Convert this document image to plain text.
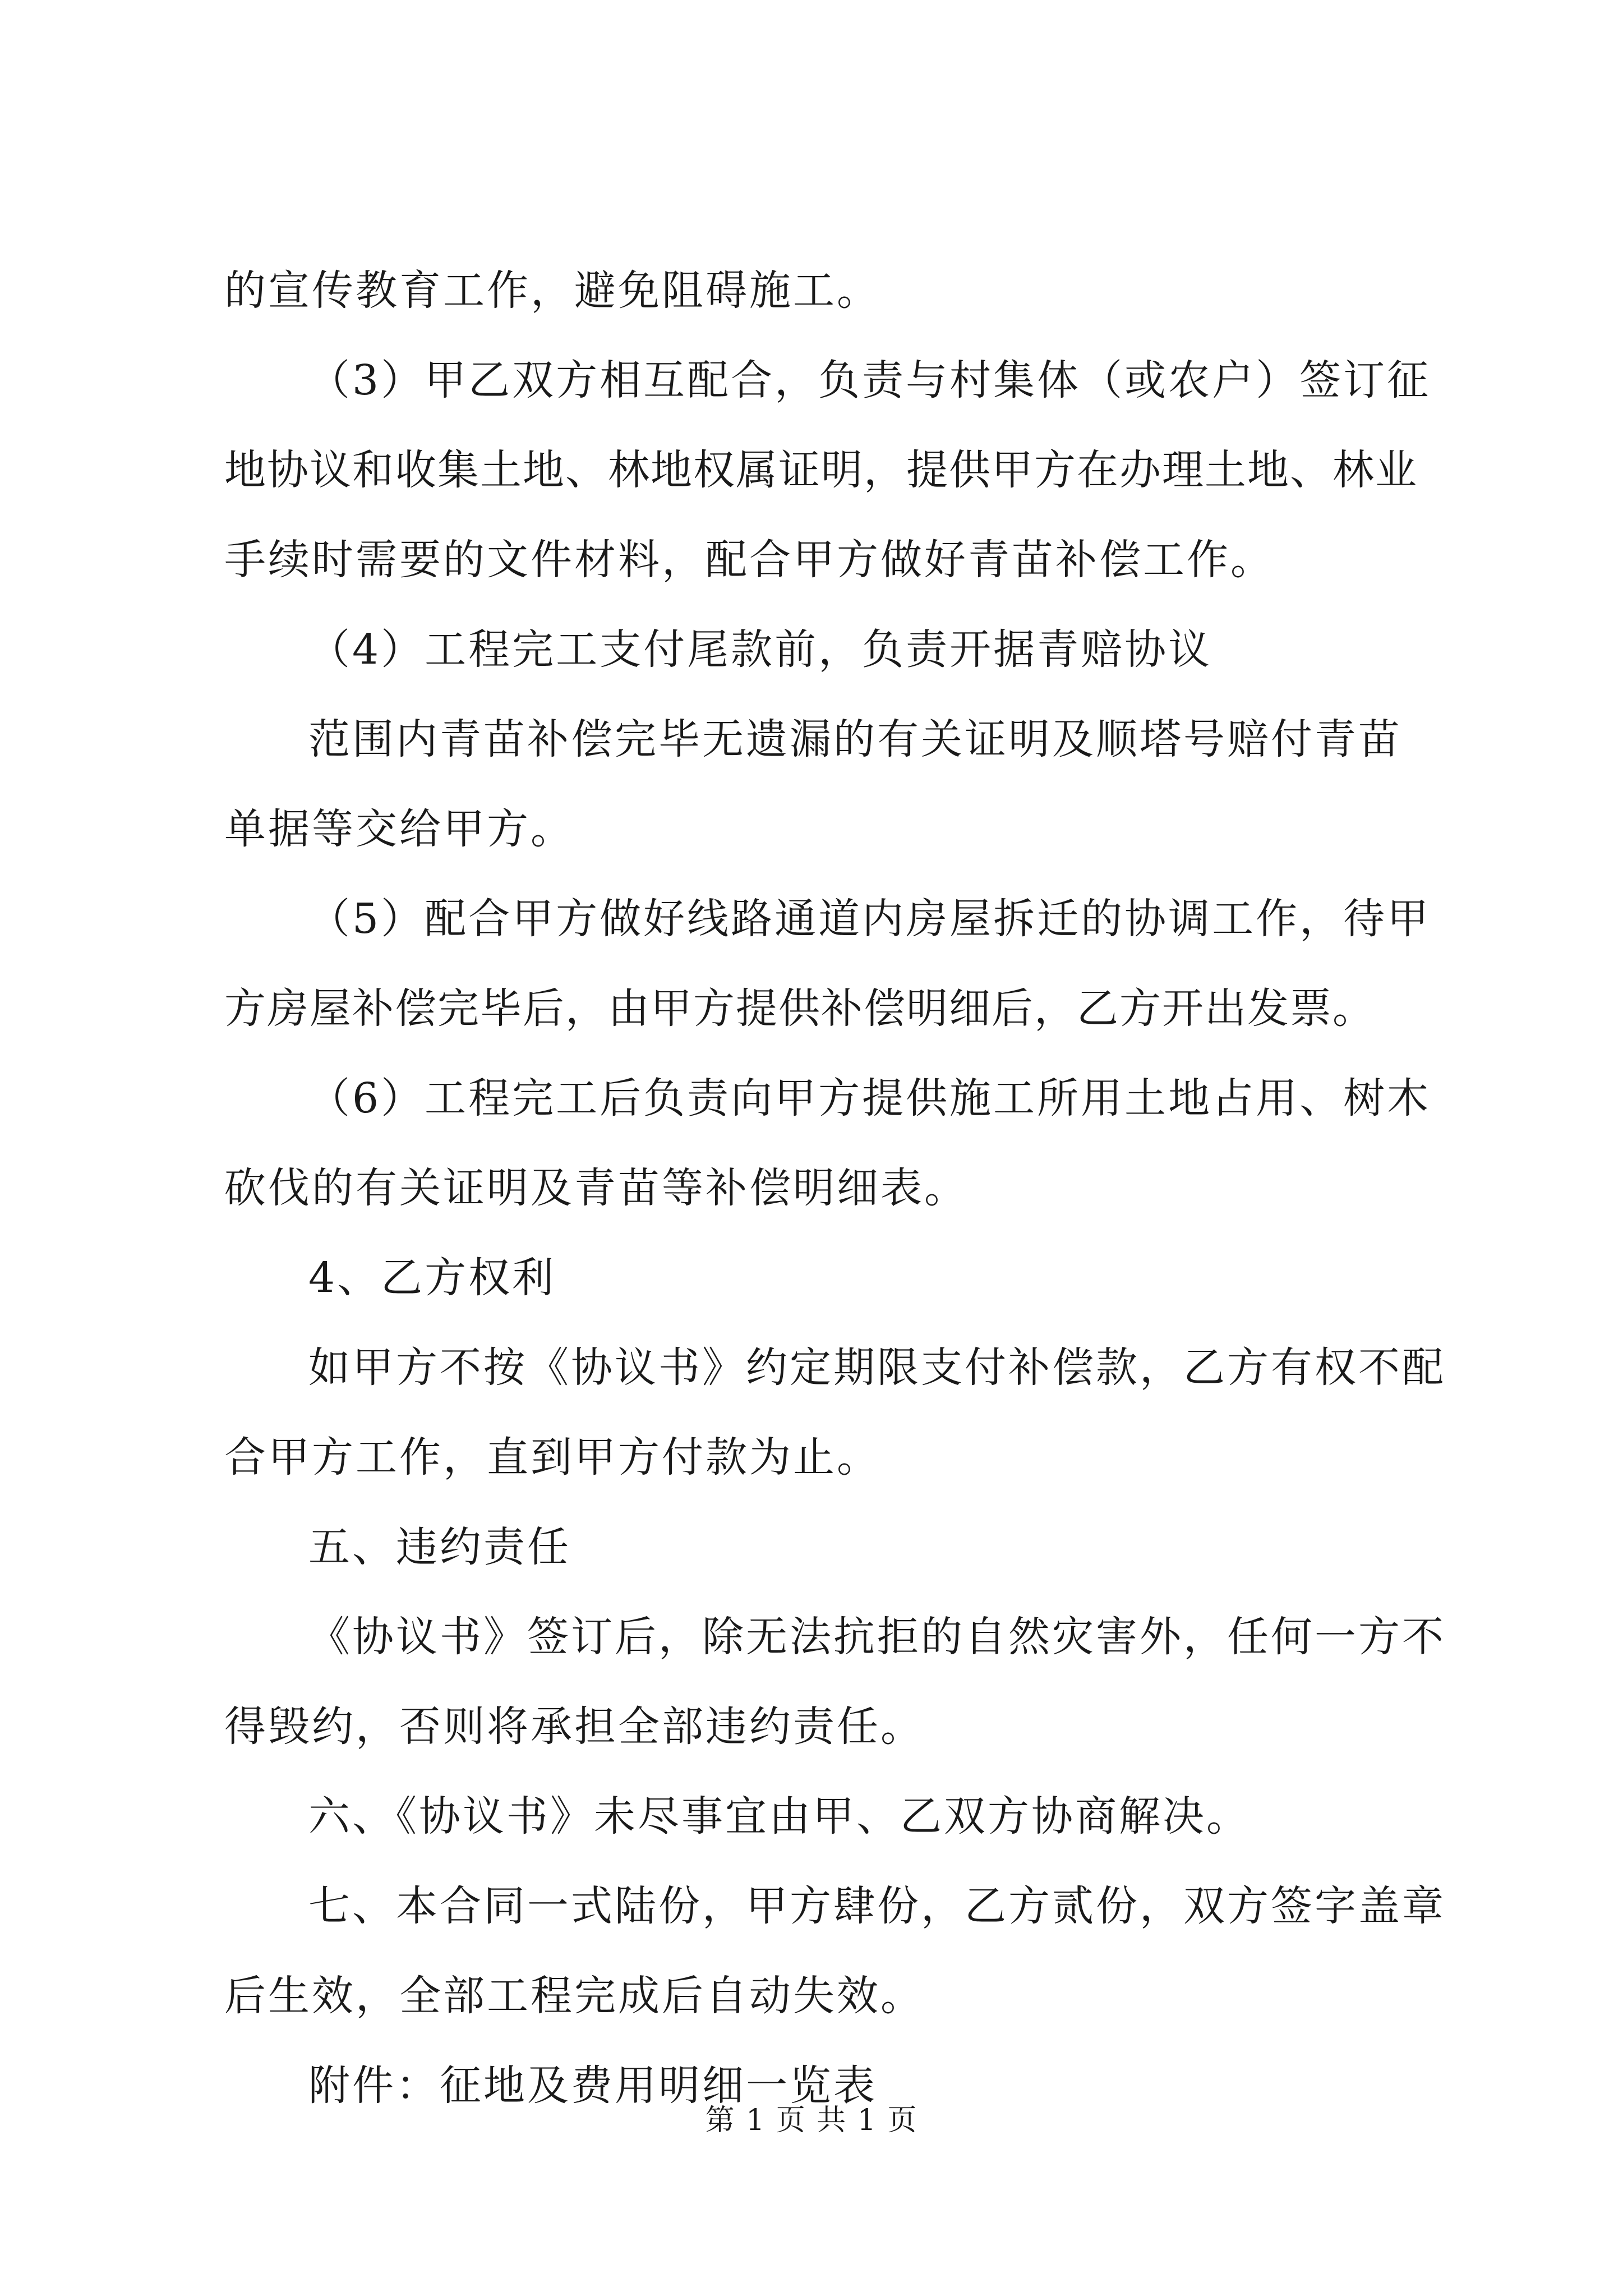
的宣传教育工作，避免阻碍施工。
（3）甲乙双方相互配合，负责与村集体（或农户）签订征
地协议和收集土地、林地权属证明，提供甲方在办理土地、林业
手续时需要的文件材料，配合甲方做好青苗补偿工作。
（4）工程完工支付尾款前，负责开据青赔协议
范围内青苗补偿完毕无遗漏的有关证明及顺塔号赔付青苗
单据等交给甲方。
（5）配合甲方做好线路通道内房屋拆迁的协调工作，待甲
方房屋补偿完毕后，由甲方提供补偿明细后，乙方开出发票。
（6）工程完工后负责向甲方提供施工所用土地占用、树木
砍伐的有关证明及青苗等补偿明细表。
4、乙方权利
如甲方不按《协议书》约定期限支付补偿款，乙方有权不配
合甲方工作，直到甲方付款为止。
五、违约责任
《协议书》签订后，除无法抗拒的自然灾害外，任何一方不
得毁约，否则将承担全部违约责任。
六、《协议书》未尽事宜由甲、乙双方协商解决。
七、本合同一式陆份，甲方肆份，乙方贰份，双方签字盖章
后生效，全部工程完成后自动失效。
附件：征地及费用明细一览表
第 1 页 共 1 页
